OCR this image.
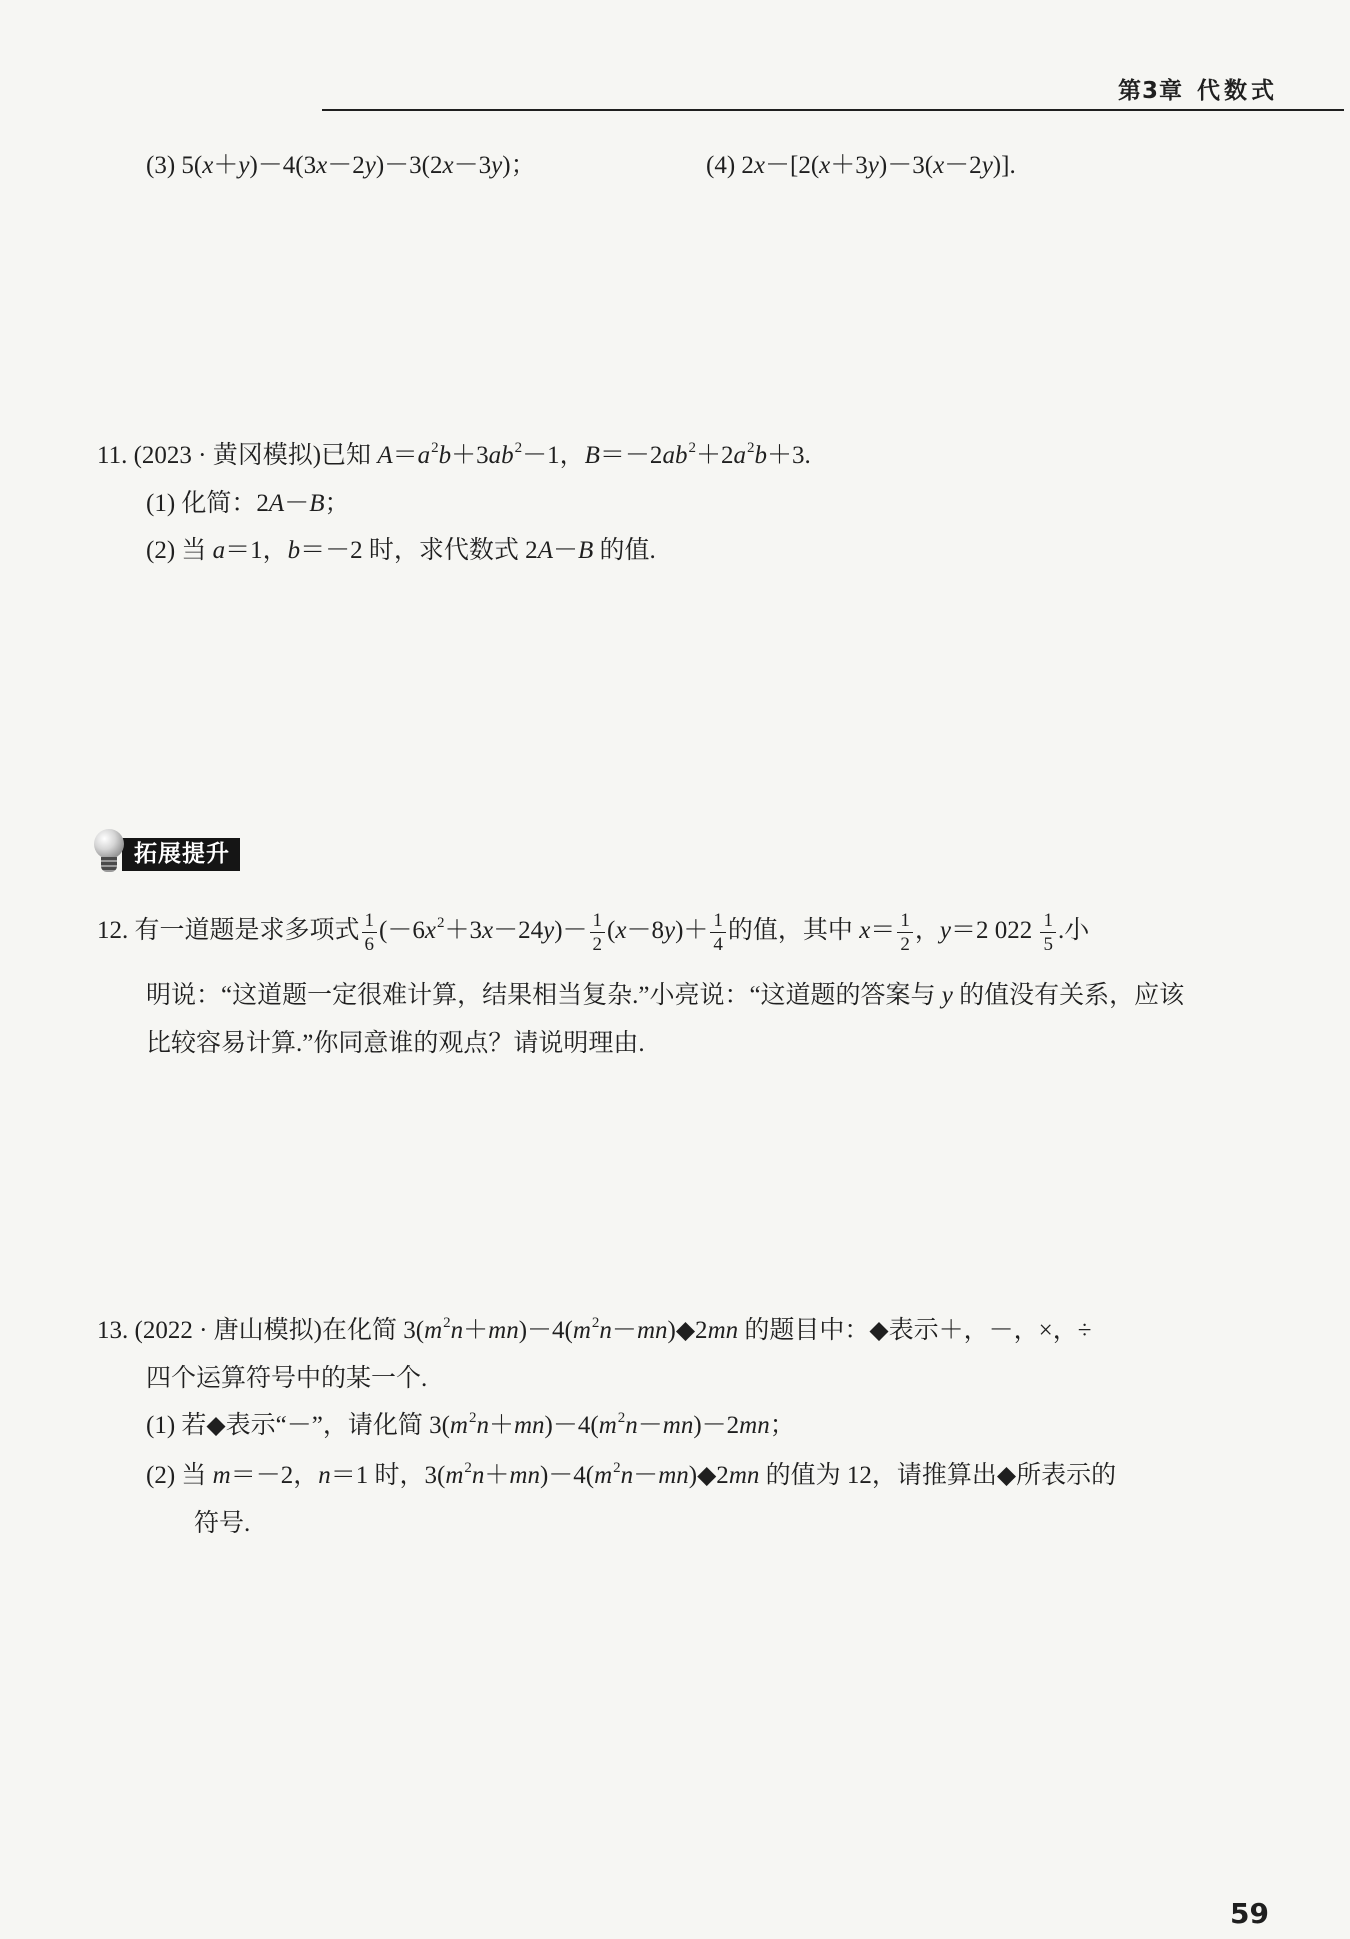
第3章 代数式
(3) 5(x＋y)－4(3x－2y)－3(2x－3y)；	(4) 2x－[2(x＋3y)－3(x－2y)].
11. (2023 · 黄冈模拟)已知 $A=a^2b+3ab^2-1$，$B=-2ab^2+2a^2b+3$.
(1) 化简：2A－B；
(2) 当 a＝1，b＝－2 时，求代数式 2A－B 的值.
拓展提升
12. 有一道题是求多项式 $\frac{1}{6} (-6x^2+3x-24y)- \frac{1}{2} (x-8y)+ \frac{1}{4}$ 的值，其中 $x= \frac{1}{2}$ ，y＝2 $022 \frac{1}{5}$ .小
明说：“这道题一定很难计算，结果相当复杂.”小亮说：“这道题的答案与 y 的值没有关系，应该
比较容易计算.”你同意谁的观点？请说明理由.
13. (2022 · 唐山模拟)在化简 $3(m^2n+mn)-4(m^2n-mn)◆2mn$ 的题目中：◆表示＋，－，×，÷
四个运算符号中的某一个.
(1) 若◆表示“－”，请化简 $3(m^2n+mn)-4(m^2n-mn)-2mn$；
(2) 当 m＝－2，n＝1 时，$3(m^2n+mn)-4(m^2n-mn)◆2mn$ 的值为 12，请推算出◆所表示的
符号.
59
